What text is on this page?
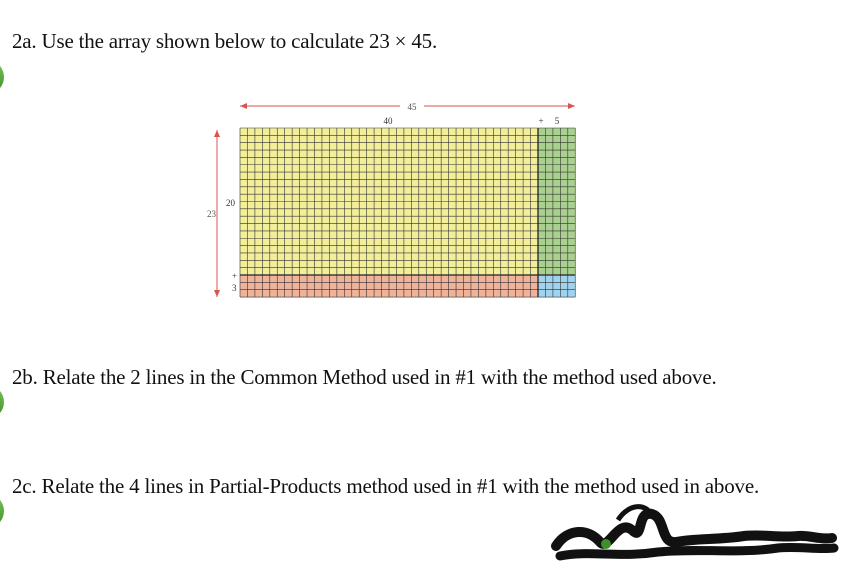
2a. Use the array shown below to calculate 23 × 45.
45
40	+ 5
23
20
+
3
2b. Relate the 2 lines in the Common Method used in #1 with the method used above.
2c. Relate the 4 lines in Partial-Products method used in #1 with the method used in above.
